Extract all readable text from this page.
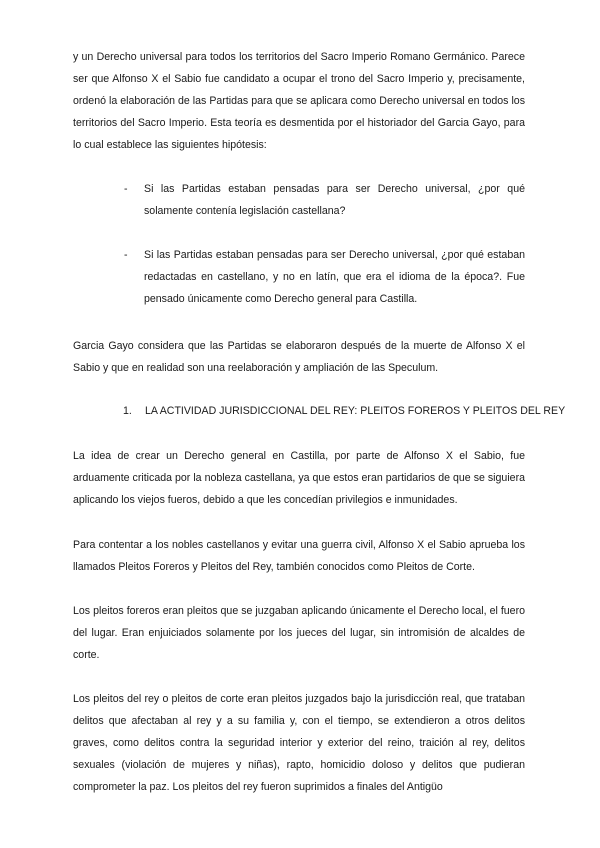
y un Derecho universal para todos los territorios del Sacro Imperio Romano Germánico. Parece ser que Alfonso X el Sabio fue candidato a ocupar el trono del Sacro Imperio y, precisamente, ordenó la elaboración de las Partidas para que se aplicara como Derecho universal en todos los territorios del Sacro Imperio. Esta teoría es desmentida por el historiador del Garcia Gayo, para lo cual establece las siguientes hipótesis:

- Si las Partidas estaban pensadas para ser Derecho universal, ¿por qué solamente contenía legislación castellana?
- Si las Partidas estaban pensadas para ser Derecho universal, ¿por qué estaban redactadas en castellano, y no en latín, que era el idioma de la época?. Fue pensado únicamente como Derecho general para Castilla.

Garcia Gayo considera que las Partidas se elaboraron después de la muerte de Alfonso X el Sabio y que en realidad son una reelaboración y ampliación de las Speculum.

1. LA ACTIVIDAD JURISDICCIONAL DEL REY: PLEITOS FOREROS Y PLEITOS DEL REY

La idea de crear un Derecho general en Castilla, por parte de Alfonso X el Sabio, fue arduamente criticada por la nobleza castellana, ya que estos eran partidarios de que se siguiera aplicando los viejos fueros, debido a que les concedían privilegios e inmunidades.

Para contentar a los nobles castellanos y evitar una guerra civil, Alfonso X el Sabio aprueba los llamados Pleitos Foreros y Pleitos del Rey, también conocidos como Pleitos de Corte.

Los pleitos foreros eran pleitos que se juzgaban aplicando únicamente el Derecho local, el fuero del lugar. Eran enjuiciados solamente por los jueces del lugar, sin intromisión de alcaldes de corte.

Los pleitos del rey o pleitos de corte eran pleitos juzgados bajo la jurisdicción real, que trataban delitos que afectaban al rey y a su familia y, con el tiempo, se extendieron a otros delitos graves, como delitos contra la seguridad interior y exterior del reino, traición al rey, delitos sexuales (violación de mujeres y niñas), rapto, homicidio doloso y delitos que pudieran comprometer la paz. Los pleitos del rey fueron suprimidos a finales del Antigüo
